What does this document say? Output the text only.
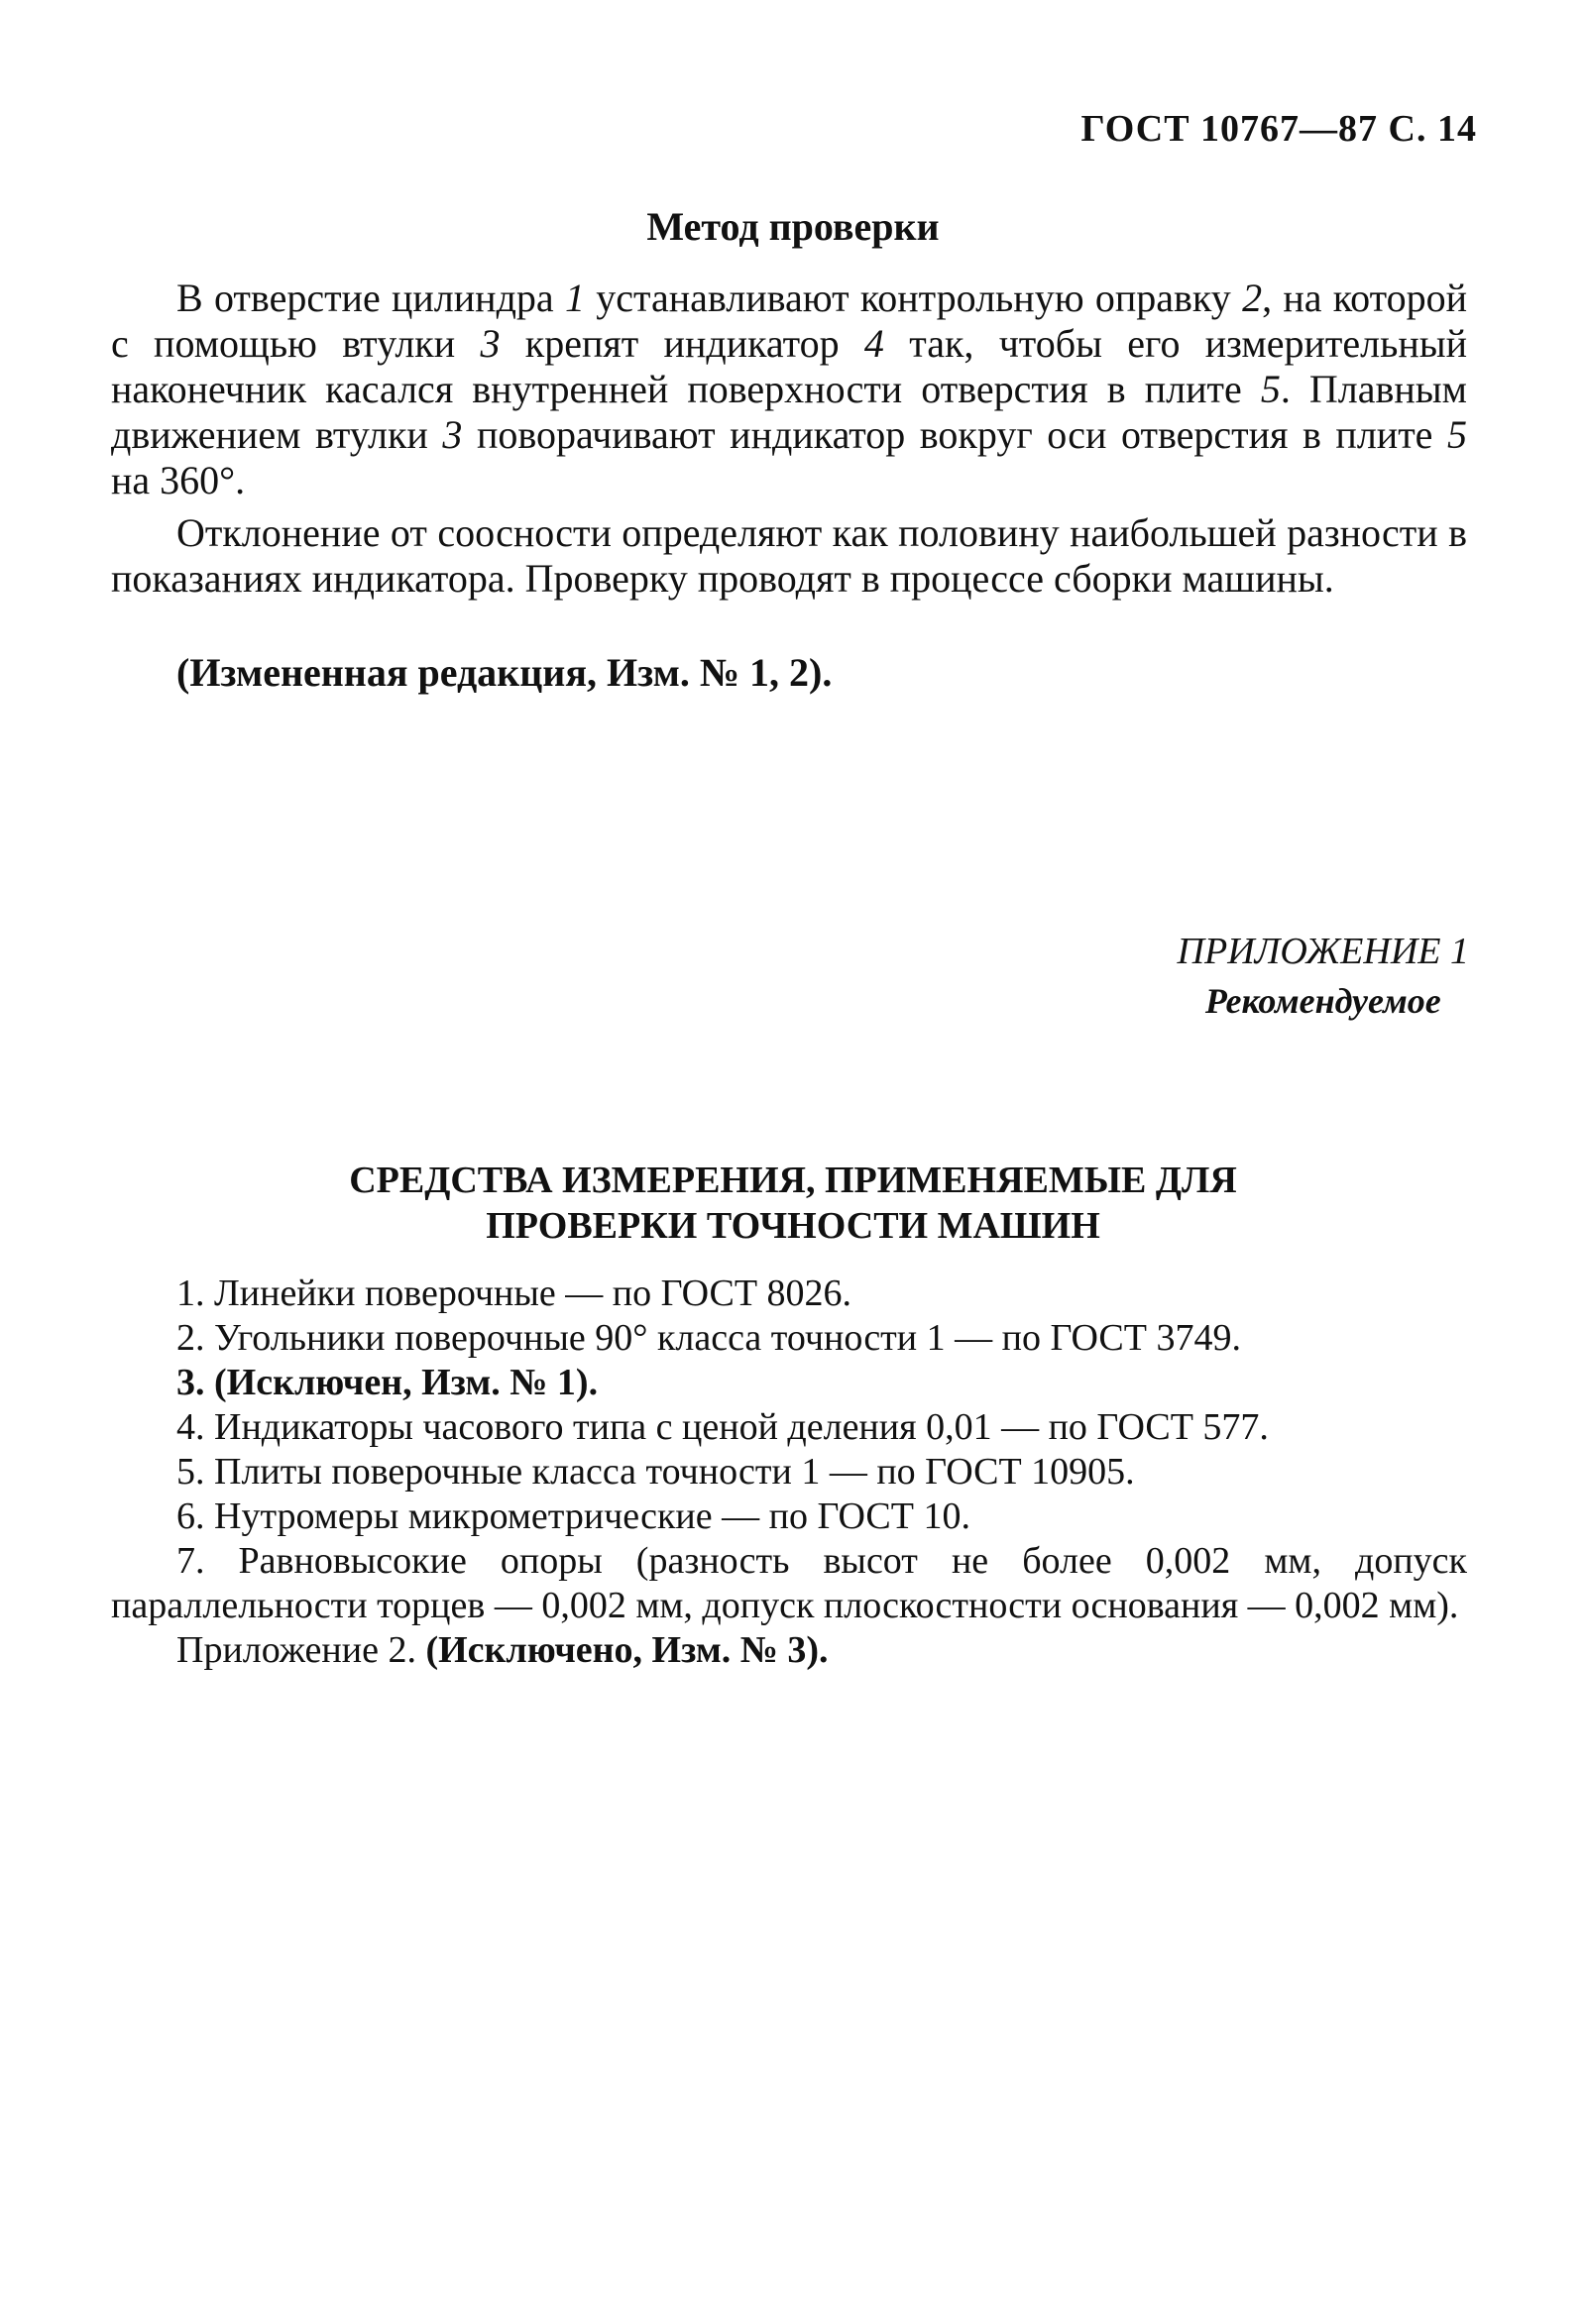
ГОСТ 10767—87 С. 14
Метод проверки

В отверстие цилиндра 1 устанавливают контрольную оправку 2, на которой с помощью втулки 3 крепят индикатор 4 так, чтобы его измерительный наконечник касался внутренней поверхности отверстия в плите 5. Плавным движением втулки 3 поворачивают индикатор вокруг оси отверстия в плите 5 на 360°.

Отклонение от соосности определяют как половину наибольшей разности в показаниях индикатора. Проверку проводят в процессе сборки машины.

(Измененная редакция, Изм. № 1, 2).
ПРИЛОЖЕНИЕ 1
Рекомендуемое
СРЕДСТВА ИЗМЕРЕНИЯ, ПРИМЕНЯЕМЫЕ ДЛЯ
ПРОВЕРКИ ТОЧНОСТИ МАШИН

1. Линейки поверочные — по ГОСТ 8026.

2. Угольники поверочные 90° класса точности 1 — по ГОСТ 3749.

3. (Исключен, Изм. № 1).

4. Индикаторы часового типа с ценой деления 0,01 — по ГОСТ 577.

5. Плиты поверочные класса точности 1 — по ГОСТ 10905.

6. Нутромеры микрометрические — по ГОСТ 10.

7. Равновысокие опоры (разность высот не более 0,002 мм, допуск параллельности торцев — 0,002 мм, допуск плоскостности основания — 0,002 мм).

Приложение 2. (Исключено, Изм. № 3).
